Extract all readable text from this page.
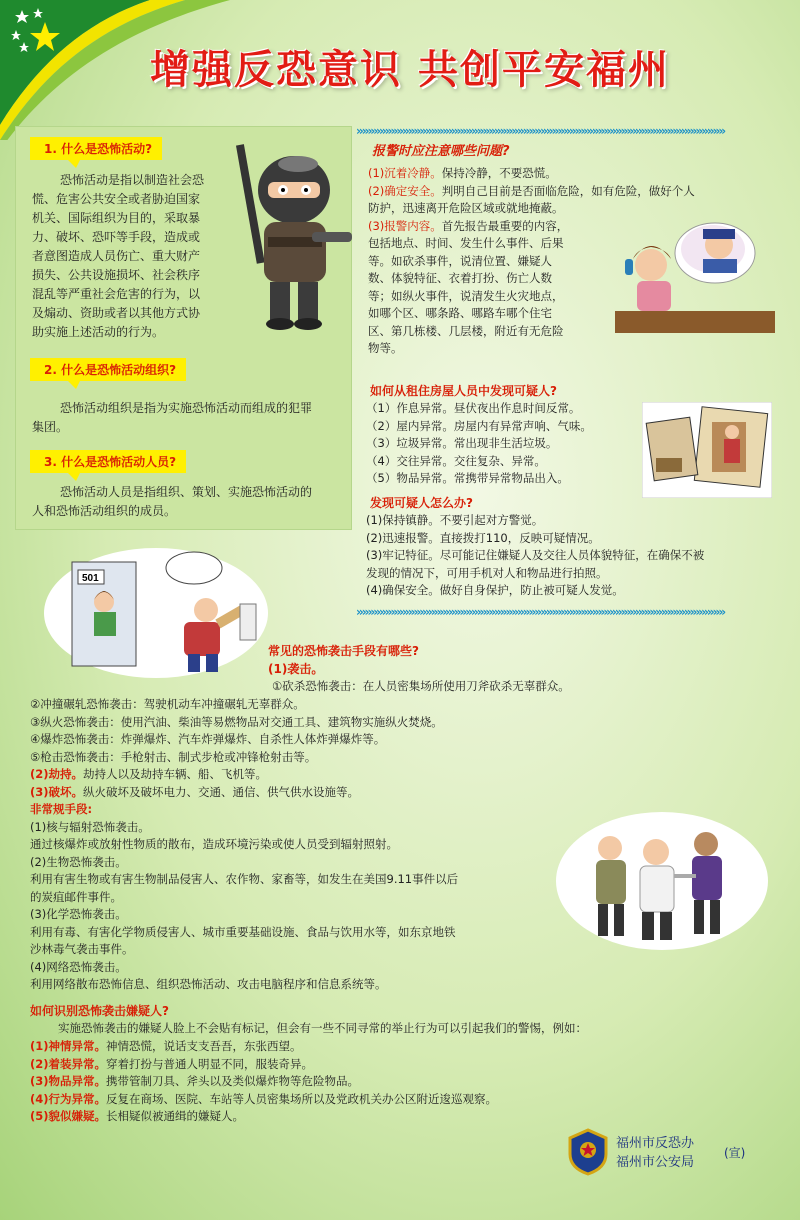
增强反恐意识 共创平安福州
1. 什么是恐怖活动?
恐怖活动是指以制造社会恐
慌、危害公共安全或者胁迫国家
机关、国际组织为目的，采取暴
力、破坏、恐吓等手段，造成或
者意图造成人员伤亡、重大财产
损失、公共设施损坏、社会秩序
混乱等严重社会危害的行为，以
及煽动、资助或者以其他方式协
助实施上述活动的行为。
2. 什么是恐怖活动组织?
恐怖活动组织是指为实施恐怖活动而组成的犯罪
集团。
3. 什么是恐怖活动人员?
恐怖活动人员是指组织、策划、实施恐怖活动的
人和恐怖活动组织的成员。
»»»»»»»»»»»»»»»»»»»»»»»»»»»»»»»»»»»»»»»»»»»»»»»»»»»»»»»»»»»»»»»»
报警时应注意哪些问题?
(1)沉着冷静。保持冷静，不要恐慌。
(2)确定安全。判明自己目前是否面临危险，如有危险，做好个人
防护，迅速离开危险区域或就地掩蔽。
(3)报警内容。首先报告最重要的内容，
包括地点、时间、发生什么事件、后果
等。如砍杀事件，说清位置、嫌疑人
数、体貌特征、衣着打扮、伤亡人数
等；如纵火事件，说清发生火灾地点，
如哪个区、哪条路、哪路车哪个住宅
区、第几栋楼、几层楼，附近有无危险
物等。
如何从租住房屋人员中发现可疑人?
（1）作息异常。昼伏夜出作息时间反常。
（2）屋内异常。房屋内有异常声响、气味。
（3）垃圾异常。常出现非生活垃圾。
（4）交往异常。交往复杂、异常。
（5）物品异常。常携带异常物品出入。
发现可疑人怎么办?
(1)保持镇静。不要引起对方警觉。
(2)迅速报警。直接拨打110，反映可疑情况。
(3)牢记特征。尽可能记住嫌疑人及交往人员体貌特征，在确保不被
发现的情况下，可用手机对人和物品进行拍照。
(4)确保安全。做好自身保护，防止被可疑人发觉。
»»»»»»»»»»»»»»»»»»»»»»»»»»»»»»»»»»»»»»»»»»»»»»»»»»»»»»»»»»»»»»»»
501
常见的恐怖袭击手段有哪些?
(1)袭击。
①砍杀恐怖袭击：在人员密集场所使用刀斧砍杀无辜群众。
②冲撞碾轧恐怖袭击：驾驶机动车冲撞碾轧无辜群众。
③纵火恐怖袭击：使用汽油、柴油等易燃物品对交通工具、建筑物实施纵火焚烧。
④爆炸恐怖袭击：炸弹爆炸、汽车炸弹爆炸、自杀性人体炸弹爆炸等。
⑤枪击恐怖袭击：手枪射击、制式步枪或冲锋枪射击等。
(2)劫持。劫持人以及劫持车辆、船、飞机等。
(3)破坏。纵火破坏及破坏电力、交通、通信、供气供水设施等。
非常规手段:
(1)核与辐射恐怖袭击。
通过核爆炸或放射性物质的散布，造成环境污染或使人员受到辐射照射。
(2)生物恐怖袭击。
利用有害生物或有害生物制品侵害人、农作物、家畜等，如发生在美国9.11事件以后
的炭疽邮件事件。
(3)化学恐怖袭击。
利用有毒、有害化学物质侵害人、城市重要基础设施、食品与饮用水等，如东京地铁
沙林毒气袭击事件。
(4)网络恐怖袭击。
利用网络散布恐怖信息、组织恐怖活动、攻击电脑程序和信息系统等。
如何识别恐怖袭击嫌疑人?
实施恐怖袭击的嫌疑人脸上不会贴有标记，但会有一些不同寻常的举止行为可以引起我们的警惕，例如：
(1)神情异常。神情恐慌，说话支支吾吾，东张西望。
(2)着装异常。穿着打扮与普通人明显不同，服装奇异。
(3)物品异常。携带管制刀具、斧头以及类似爆炸物等危险物品。
(4)行为异常。反复在商场、医院、车站等人员密集场所以及党政机关办公区附近逡巡观察。
(5)貌似嫌疑。长相疑似被通缉的嫌疑人。
福州市反恐办
福州市公安局
(宣)
